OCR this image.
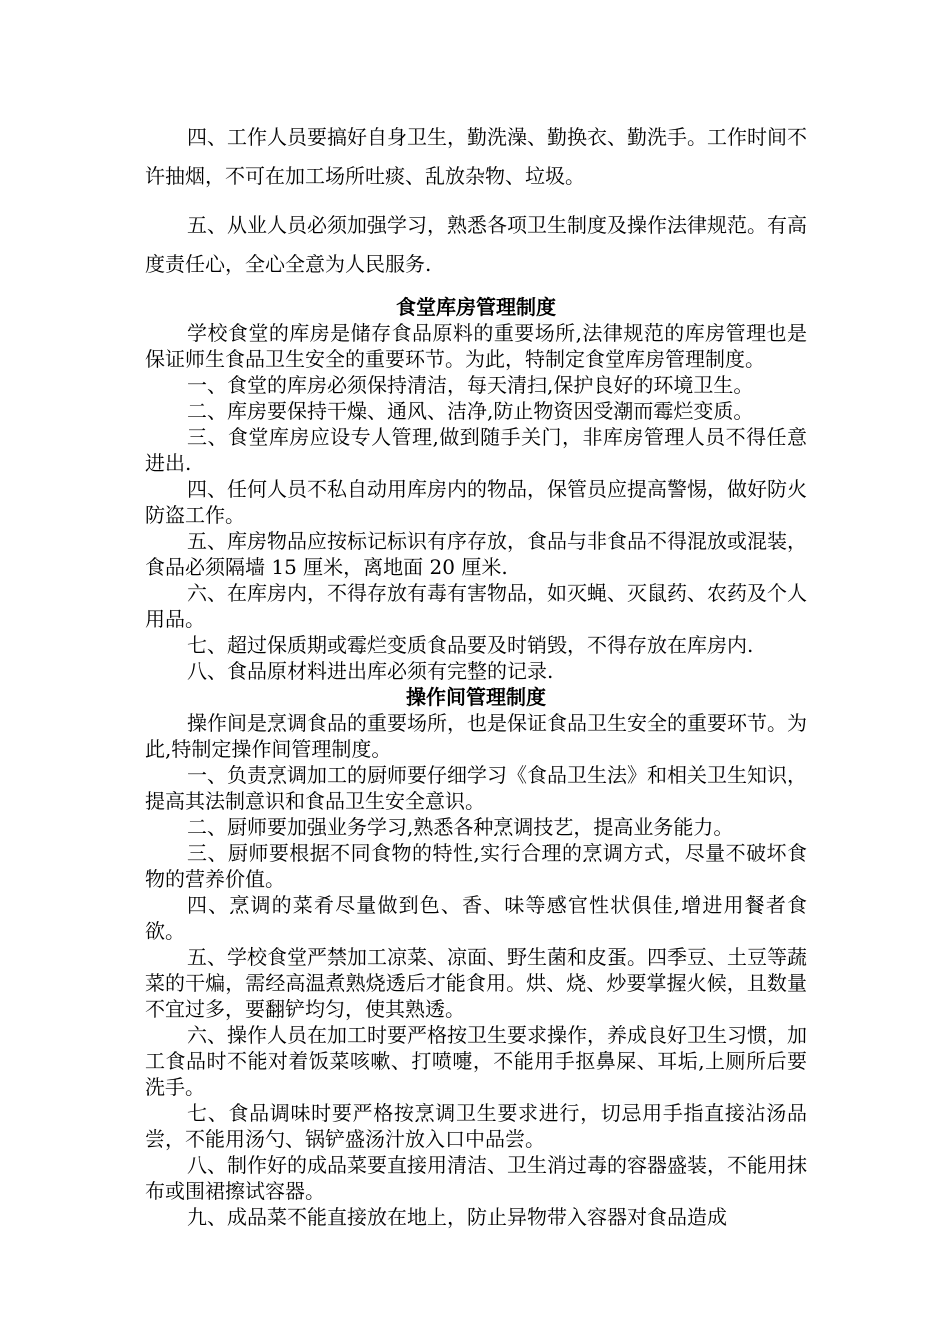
四、工作人员要搞好自身卫生，勤洗澡、勤换衣、勤洗手。工作时间不许抽烟，不可在加工场所吐痰、乱放杂物、垃圾。

五、从业人员必须加强学习，熟悉各项卫生制度及操作法律规范。有高度责任心，全心全意为人民服务.

食堂库房管理制度

学校食堂的库房是储存食品原料的重要场所,法律规范的库房管理也是保证师生食品卫生安全的重要环节。为此，特制定食堂库房管理制度。

一、食堂的库房必须保持清洁，每天清扫,保护良好的环境卫生。

二、库房要保持干燥、通风、洁净,防止物资因受潮而霉烂变质。

三、食堂库房应设专人管理,做到随手关门，非库房管理人员不得任意进出.

四、任何人员不私自动用库房内的物品，保管员应提高警惕，做好防火防盗工作。

五、库房物品应按标记标识有序存放，食品与非食品不得混放或混装，食品必须隔墙 15 厘米，离地面 20 厘米.

六、在库房内，不得存放有毒有害物品，如灭蝇、灭鼠药、农药及个人用品。

七、超过保质期或霉烂变质食品要及时销毁，不得存放在库房内.

八、食品原材料进出库必须有完整的记录.

操作间管理制度

操作间是烹调食品的重要场所，也是保证食品卫生安全的重要环节。为此,特制定操作间管理制度。

一、负责烹调加工的厨师要仔细学习《食品卫生法》和相关卫生知识，提高其法制意识和食品卫生安全意识。

二、厨师要加强业务学习,熟悉各种烹调技艺，提高业务能力。

三、厨师要根据不同食物的特性,实行合理的烹调方式，尽量不破坏食物的营养价值。

四、烹调的菜肴尽量做到色、香、味等感官性状俱佳,增进用餐者食欲。

五、学校食堂严禁加工凉菜、凉面、野生菌和皮蛋。四季豆、土豆等蔬菜的干煸，需经高温煮熟烧透后才能食用。烘、烧、炒要掌握火候，且数量不宜过多，要翻铲均匀，使其熟透。

六、操作人员在加工时要严格按卫生要求操作，养成良好卫生习惯，加工食品时不能对着饭菜咳嗽、打喷嚏，不能用手抠鼻屎、耳垢,上厕所后要洗手。

七、食品调味时要严格按烹调卫生要求进行，切忌用手指直接沾汤品尝，不能用汤勺、锅铲盛汤汁放入口中品尝。

八、制作好的成品菜要直接用清洁、卫生消过毒的容器盛装，不能用抹布或围裙擦试容器。

九、成品菜不能直接放在地上，防止异物带入容器对食品造成
